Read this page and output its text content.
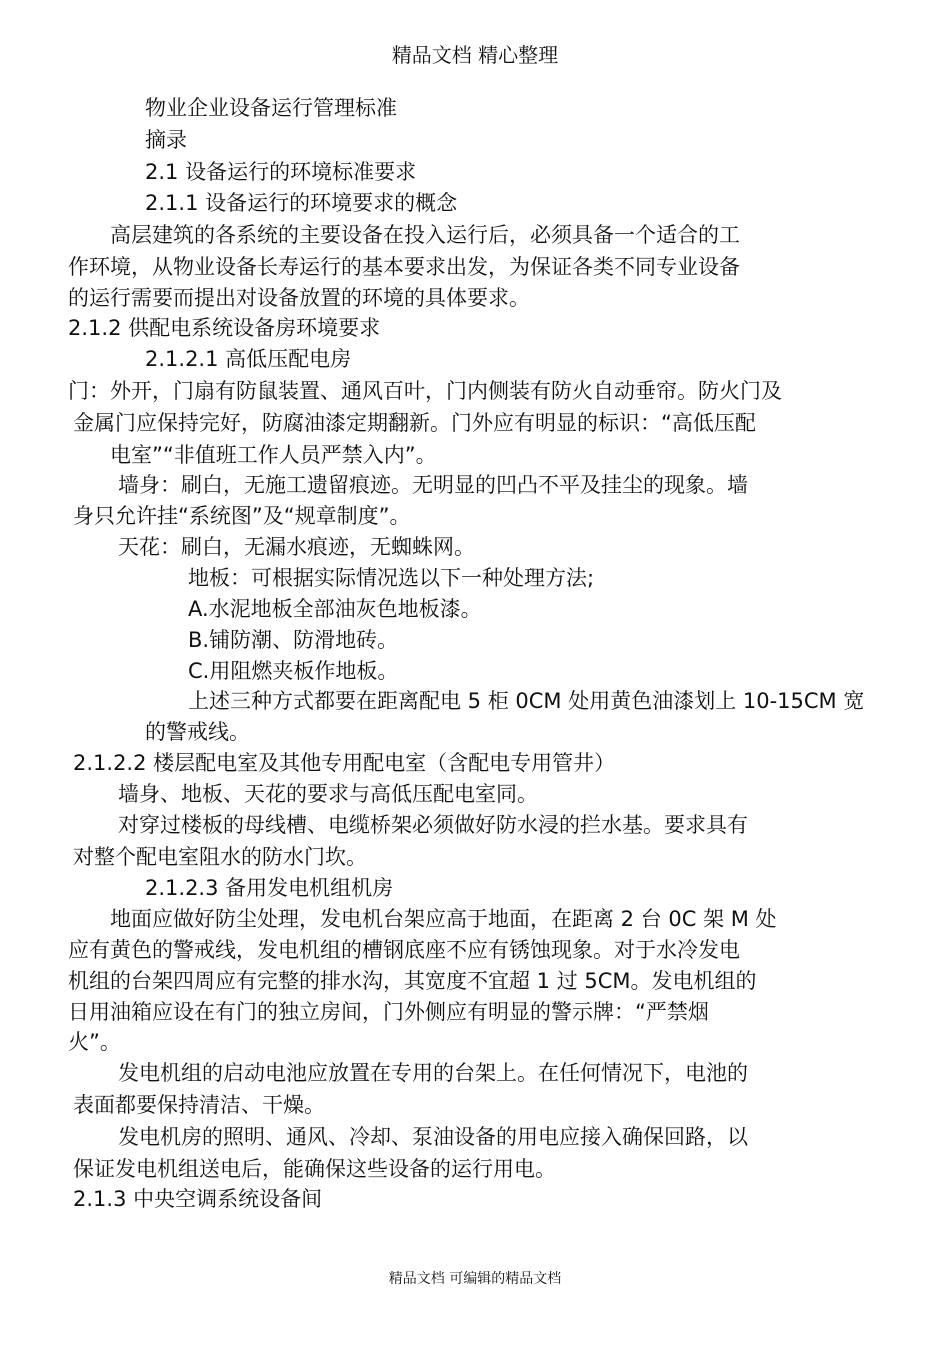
精品文档 精心整理
物业企业设备运行管理标准
摘录
2.1 设备运行的环境标准要求
2.1.1 设备运行的环境要求的概念
高层建筑的各系统的主要设备在投入运行后，必须具备一个适合的工
作环境，从物业设备长寿运行的基本要求出发，为保证各类不同专业设备
的运行需要而提出对设备放置的环境的具体要求。
2.1.2 供配电系统设备房环境要求
2.1.2.1 高低压配电房
门：外开，门扇有防鼠装置、通风百叶，门内侧装有防火自动垂帘。防火门及
金属门应保持完好，防腐油漆定期翻新。门外应有明显的标识：“高低压配
电室”“非值班工作人员严禁入内”。
墙身：刷白，无施工遗留痕迹。无明显的凹凸不平及挂尘的现象。墙
身只允许挂“系统图”及“规章制度”。
天花：刷白，无漏水痕迹，无蜘蛛网。
地板：可根据实际情况选以下一种处理方法;
A.水泥地板全部油灰色地板漆。
B.铺防潮、防滑地砖。
C.用阻燃夹板作地板。
上述三种方式都要在距离配电 5 柜 0CM 处用黄色油漆划上 10-15CM 宽
的警戒线。
2.1.2.2 楼层配电室及其他专用配电室（含配电专用管井）
墙身、地板、天花的要求与高低压配电室同。
对穿过楼板的母线槽、电缆桥架必须做好防水浸的拦水基。要求具有
对整个配电室阻水的防水门坎。
2.1.2.3 备用发电机组机房
地面应做好防尘处理，发电机台架应高于地面，在距离 2 台 0C 架 M 处
应有黄色的警戒线，发电机组的槽钢底座不应有锈蚀现象。对于水冷发电
机组的台架四周应有完整的排水沟，其宽度不宜超 1 过 5CM。发电机组的
日用油箱应设在有门的独立房间，门外侧应有明显的警示牌：“严禁烟
火”。
发电机组的启动电池应放置在专用的台架上。在任何情况下，电池的
表面都要保持清洁、干燥。
发电机房的照明、通风、冷却、泵油设备的用电应接入确保回路，以
保证发电机组送电后，能确保这些设备的运行用电。
2.1.3 中央空调系统设备间
精品文档 可编辑的精品文档
